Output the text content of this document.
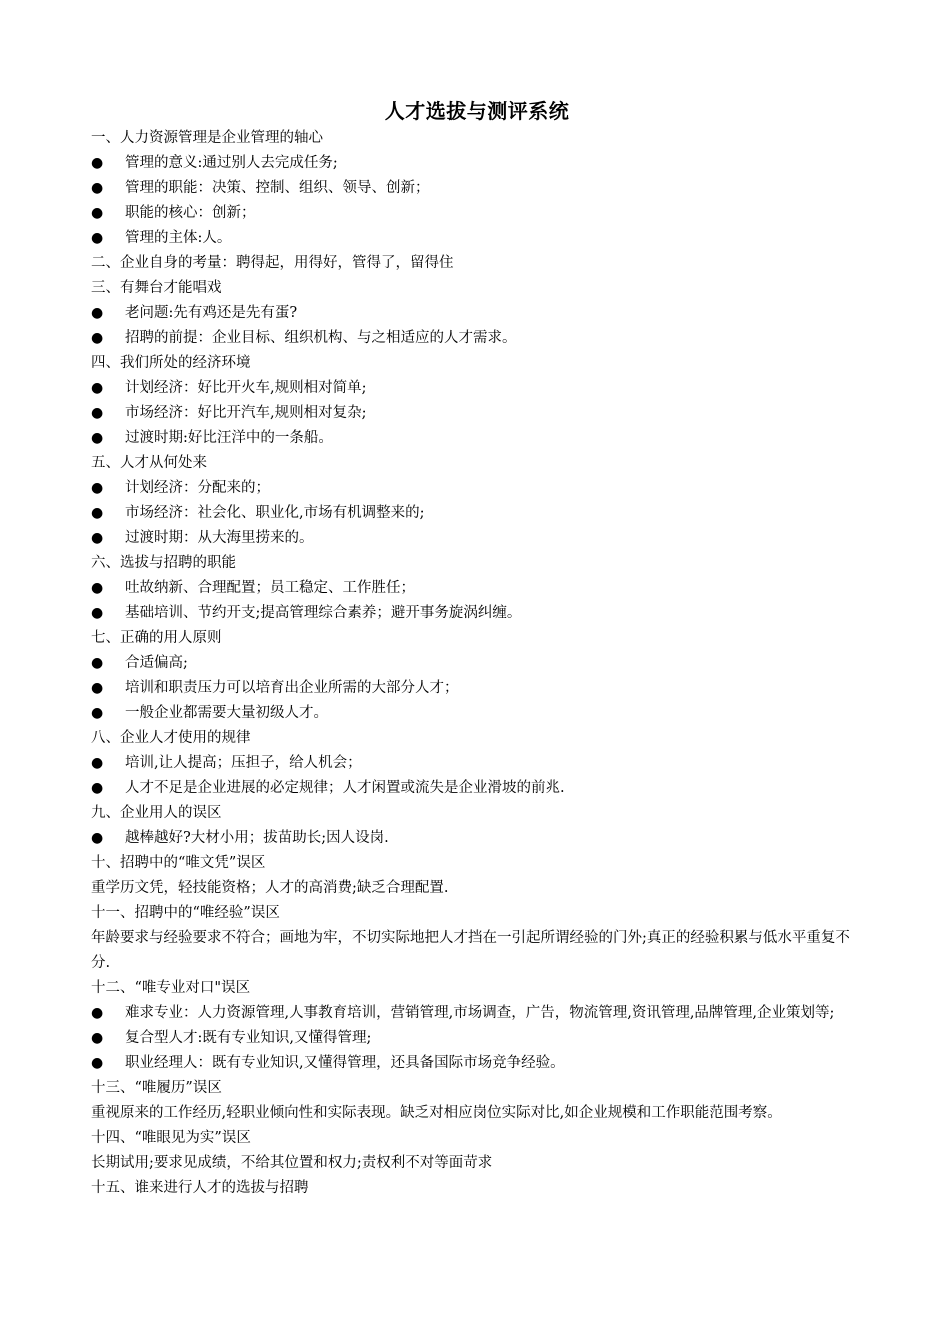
人才选拔与测评系统
一、人力资源管理是企业管理的轴心
●	管理的意义:通过别人去完成任务;
●	管理的职能：决策、控制、组织、领导、创新；
●	职能的核心：创新；
●	管理的主体:人。
二、企业自身的考量：聘得起，用得好，管得了，留得住
三、有舞台才能唱戏
●	老问题:先有鸡还是先有蛋?
●	招聘的前提：企业目标、组织机构、与之相适应的人才需求。
四、我们所处的经济环境
●	计划经济：好比开火车,规则相对简单;
●	市场经济：好比开汽车,规则相对复杂;
●	过渡时期:好比汪洋中的一条船。
五、人才从何处来
●	计划经济：分配来的；
●	市场经济：社会化、职业化,市场有机调整来的;
●	过渡时期：从大海里捞来的。
六、选拔与招聘的职能
●	吐故纳新、合理配置；员工稳定、工作胜任；
●	基础培训、节约开支;提高管理综合素养；避开事务旋涡纠缠。
七、正确的用人原则
●	合适偏高;
●	培训和职责压力可以培育出企业所需的大部分人才；
●	一般企业都需要大量初级人才。
八、企业人才使用的规律
●	培训,让人提高；压担子，给人机会；
●	人才不足是企业进展的必定规律；人才闲置或流失是企业滑坡的前兆.
九、企业用人的误区
●	越棒越好?大材小用；拔苗助长;因人设岗.
十、招聘中的“唯文凭”误区
重学历文凭，轻技能资格；人才的高消费;缺乏合理配置.
十一、招聘中的“唯经验”误区
年龄要求与经验要求不符合；画地为牢，不切实际地把人才挡在一引起所谓经验的门外;真正的经验积累与低水平重复不分.
十二、“唯专业对口"误区
●	难求专业：人力资源管理,人事教育培训，营销管理,市场调查，广告，物流管理,资讯管理,品牌管理,企业策划等;
●	复合型人才:既有专业知识,又懂得管理;
●	职业经理人：既有专业知识,又懂得管理，还具备国际市场竞争经验。
十三、“唯履历”误区
重视原来的工作经历,轻职业倾向性和实际表现。缺乏对相应岗位实际对比,如企业规模和工作职能范围考察。
十四、“唯眼见为实”误区
长期试用;要求见成绩，不给其位置和权力;责权利不对等面苛求
十五、谁来进行人才的选拔与招聘
